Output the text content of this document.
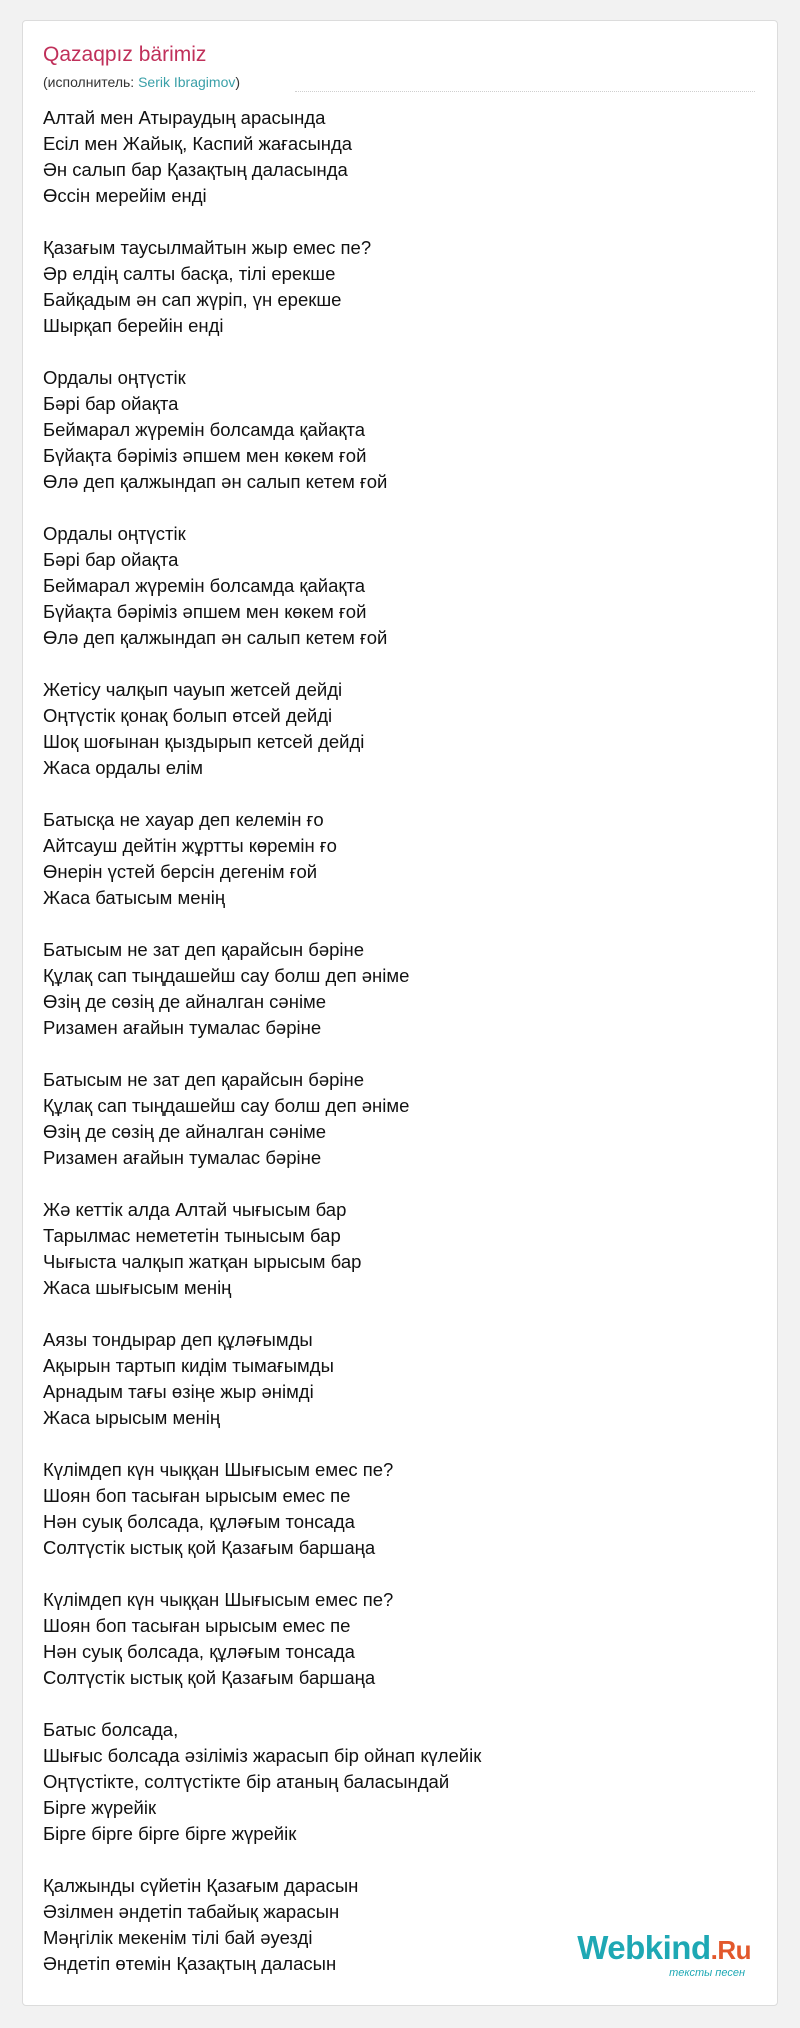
Qazaqpız bärimiz
(исполнитель: Serik Ibragimov)
Алтай мен Атыраудың арасында
Есіл мен Жайық, Каспий жағасында
Ән салып бар Қазақтың даласында
Өссін мерейім енді
Қазағым таусылмайтын жыр емес пе?
Әр елдің салты басқа, тілі ерекше
Байқадым ән сап жүріп, үн ерекше
Шырқап берейін енді
Ордалы оңтүстік
Бәрі бар ойақта
Беймарал жүремін болсамда қайақта
Бүйақта бәріміз әпшем мен көкем ғой
Өлә деп қалжындап ән салып кетем ғой
Ордалы оңтүстік
Бәрі бар ойақта
Беймарал жүремін болсамда қайақта
Бүйақта бәріміз әпшем мен көкем ғой
Өлә деп қалжындап ән салып кетем ғой
Жетісу чалқып чауып жетсей дейді
Оңтүстік қонақ болып өтсей дейді
Шоқ шоғынан қыздырып кетсей дейді
Жаса ордалы елім
Батысқа не хауар деп келемін ғо
Айтсауш дейтін жұртты көремін ғо
Өнерін үстей берсін дегенім ғой
Жаса батысым менің
Батысым не зат деп қарайсын бәріне
Құлақ сап тыңдашейш сау болш деп әніме
Өзің де сөзің де айналган сәніме
Ризамен ағайын тумалас бәріне
Батысым не зат деп қарайсын бәріне
Құлақ сап тыңдашейш сау болш деп әніме
Өзің де сөзің де айналган сәніме
Ризамен ағайын тумалас бәріне
Жә кеттік алда Алтай чығысым бар
Тарылмас нeмететін тынысым бар
Чығыста чалқып жатқан ырысым бар
Жаса шығысым менің
Аязы тондырар деп құләғымды
Ақырын тартып кидім тымағымды
Арнадым тағы өзіңе жыр әнімді
Жаса ырысым менің
Күлімдеп күн чыққан Шығысым емес пе?
Шоян боп тасыған ырысым емес пе
Нән суық болсада, құләғым тонсада
Солтүстік ыстық қой Қазағым баршаңа
Күлімдеп күн чыққан Шығысым емес пе?
Шоян боп тасыған ырысым емес пе
Нән суық болсада, құләғым тонсада
Солтүстік ыстық қой Қазағым баршаңа
Батыс болсада,
Шығыс болсада әзіліміз жарасып бір ойнап күлейік
Оңтүстікте, солтүстікте бір атаның баласындай
Бірге жүрейік
Бірге бірге бірге бірге жүрейік
Қалжынды сүйетін Қазағым дарасын
Әзілмен әндетіп табайық жарасын
Мәңгілік мекенім тілі бай әуезді
Әндетіп өтемін Қазақтың даласын	Webkind.Ru
тексты песен
